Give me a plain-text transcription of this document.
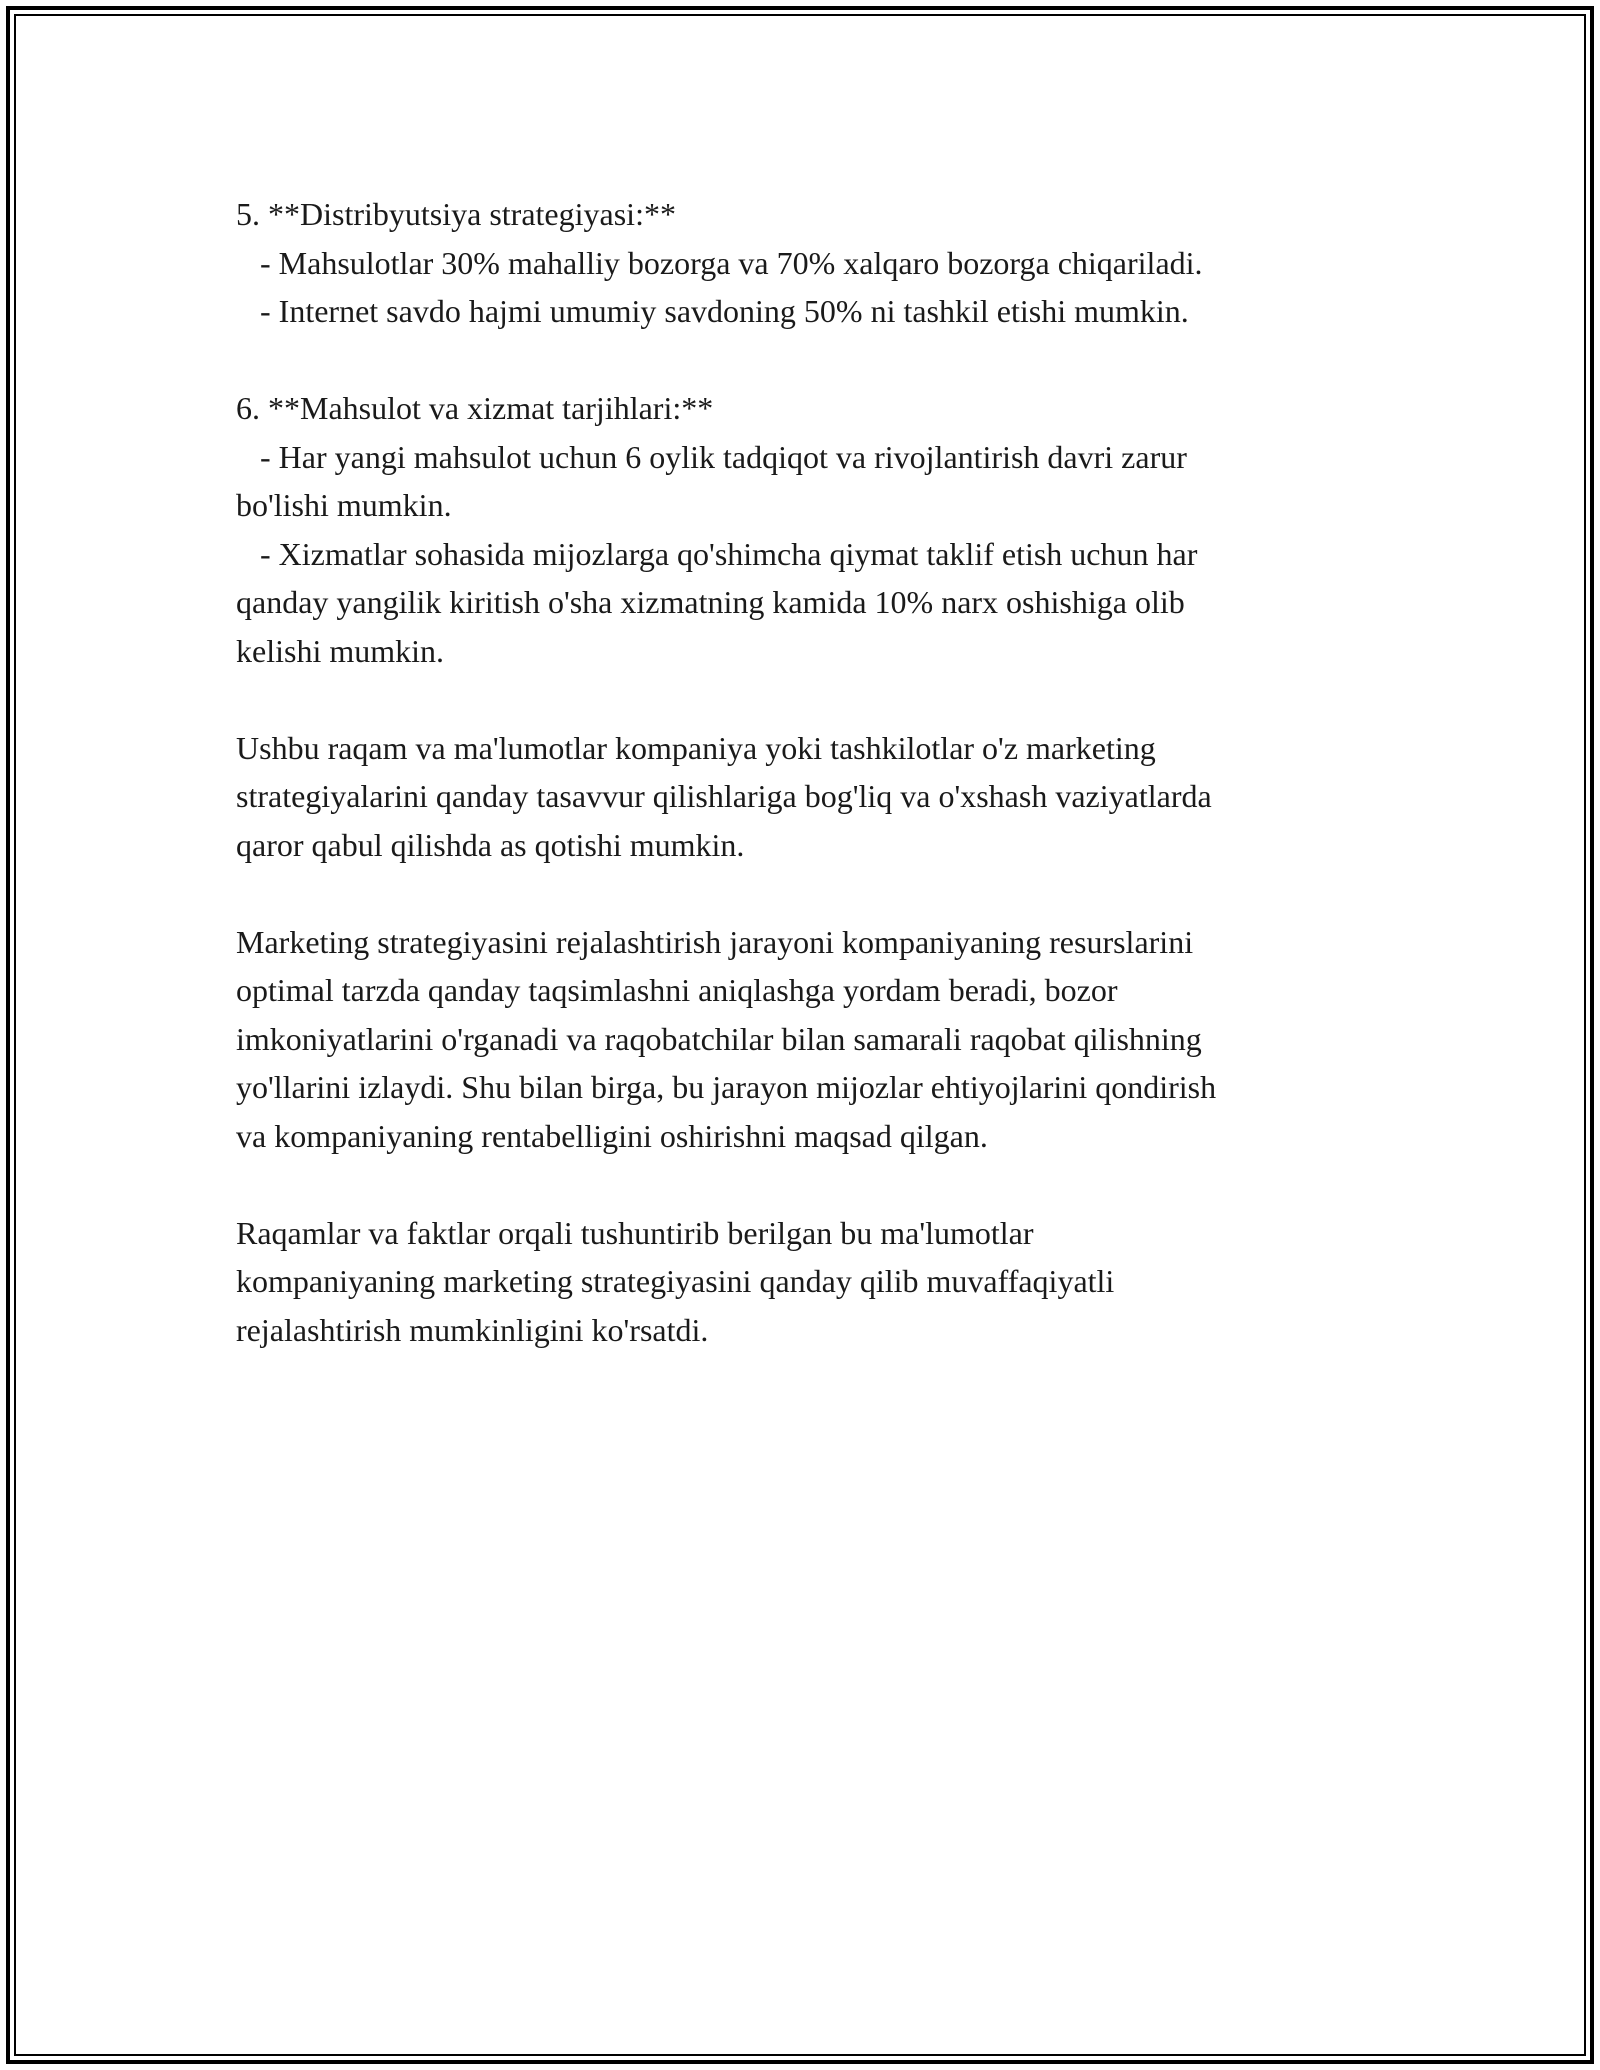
5. **Distribyutsiya strategiyasi:**

- Mahsulotlar 30% mahalliy bozorga va 70% xalqaro bozorga chiqariladi.

- Internet savdo hajmi umumiy savdoning 50% ni tashkil etishi mumkin.

6. **Mahsulot va xizmat tarjihlari:**

- Har yangi mahsulot uchun 6 oylik tadqiqot va rivojlantirish davri zarur

bo'lishi mumkin.

- Xizmatlar sohasida mijozlarga qo'shimcha qiymat taklif etish uchun har

qanday yangilik kiritish o'sha xizmatning kamida 10% narx oshishiga olib

kelishi mumkin.

Ushbu raqam va ma'lumotlar kompaniya yoki tashkilotlar o'z marketing

strategiyalarini qanday tasavvur qilishlariga bog'liq va o'xshash vaziyatlarda

qaror qabul qilishda as qotishi mumkin.

Marketing strategiyasini rejalashtirish jarayoni kompaniyaning resurslarini

optimal tarzda qanday taqsimlashni aniqlashga yordam beradi, bozor

imkoniyatlarini o'rganadi va raqobatchilar bilan samarali raqobat qilishning

yo'llarini izlaydi. Shu bilan birga, bu jarayon mijozlar ehtiyojlarini qondirish

va kompaniyaning rentabelligini oshirishni maqsad qilgan.

Raqamlar va faktlar orqali tushuntirib berilgan bu ma'lumotlar

kompaniyaning marketing strategiyasini qanday qilib muvaffaqiyatli

rejalashtirish mumkinligini ko'rsatdi.
